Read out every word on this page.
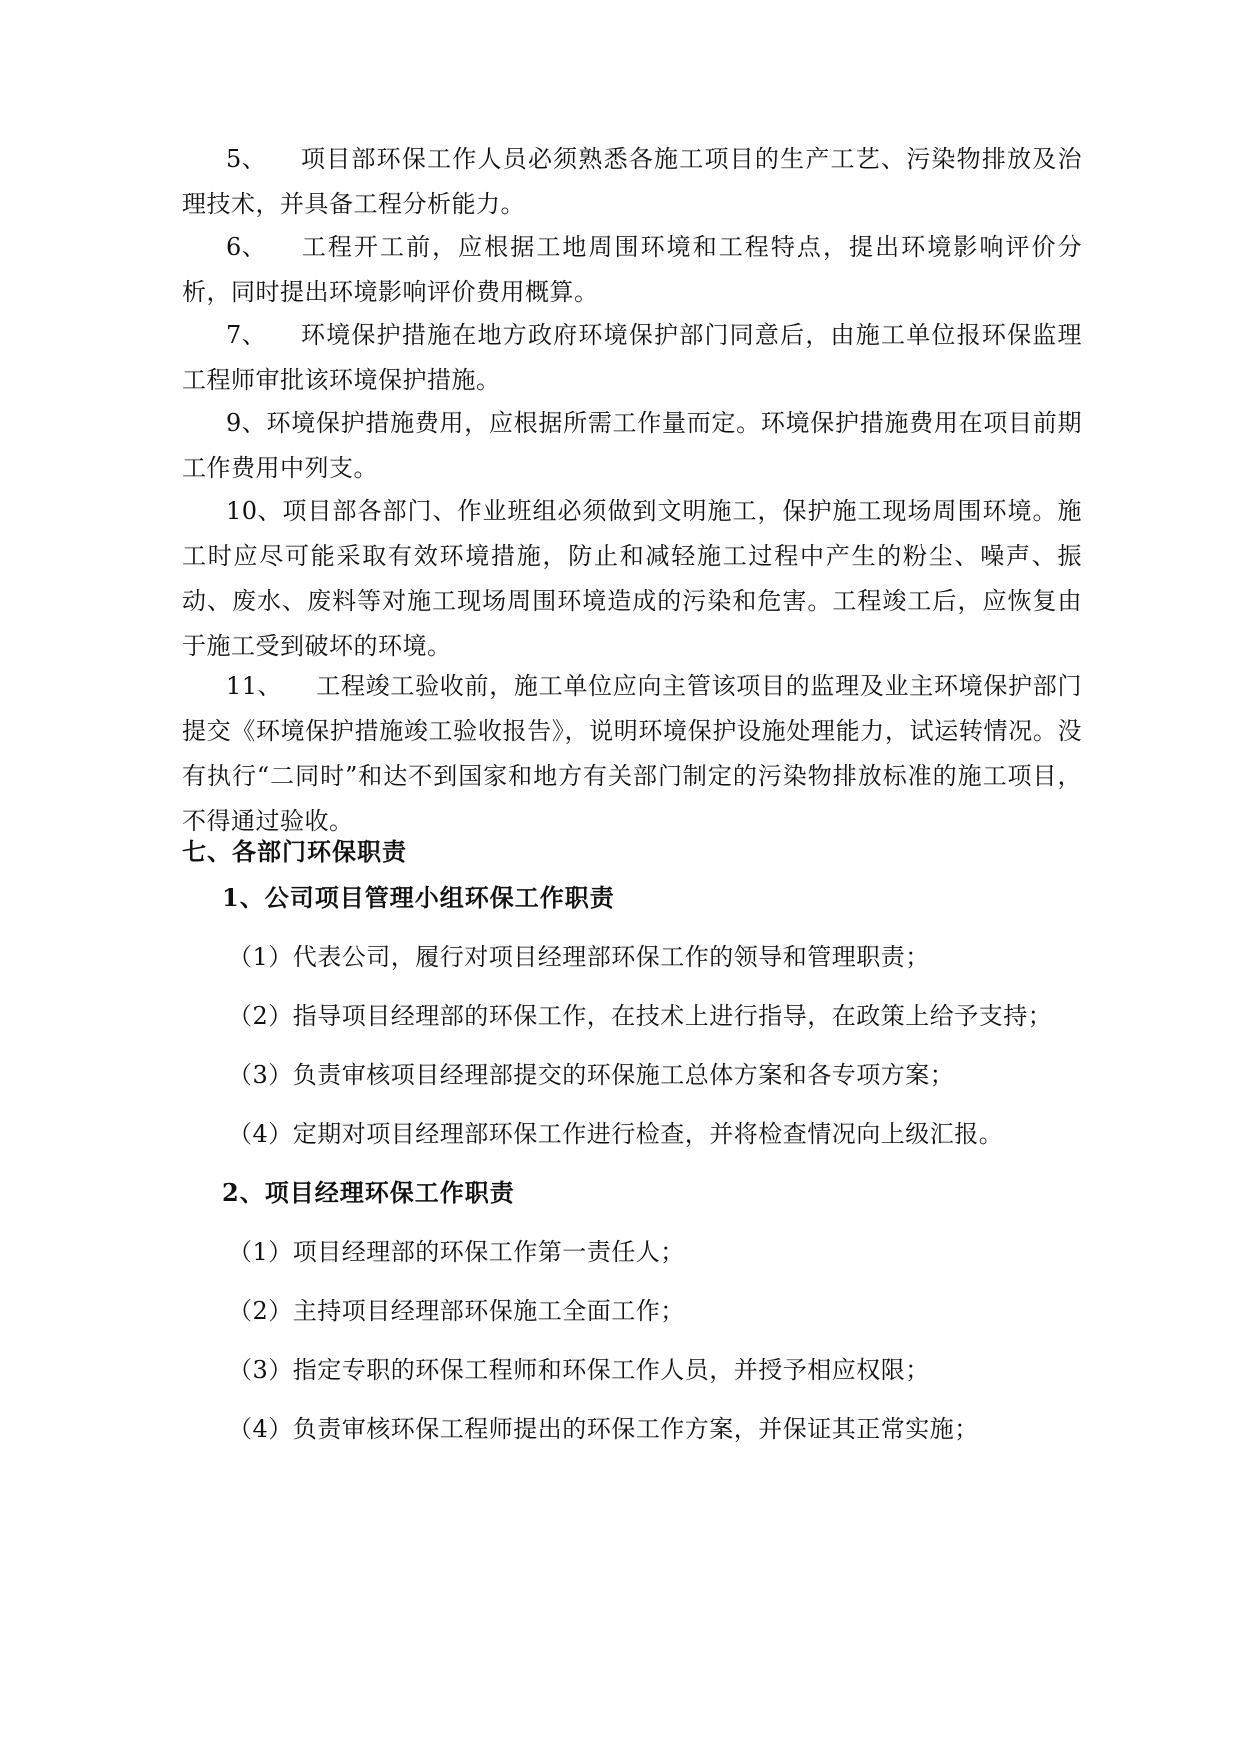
5、 项目部环保工作人员必须熟悉各施工项目的生产工艺、污染物排放及治理技术，并具备工程分析能力。
6、 工程开工前，应根据工地周围环境和工程特点，提出环境影响评价分析，同时提出环境影响评价费用概算。
7、 环境保护措施在地方政府环境保护部门同意后，由施工单位报环保监理工程师审批该环境保护措施。
9、环境保护措施费用，应根据所需工作量而定。环境保护措施费用在项目前期工作费用中列支。
10、项目部各部门、作业班组必须做到文明施工，保护施工现场周围环境。施工时应尽可能采取有效环境措施，防止和减轻施工过程中产生的粉尘、噪声、振动、废水、废料等对施工现场周围环境造成的污染和危害。工程竣工后，应恢复由于施工受到破坏的环境。
11、 工程竣工验收前，施工单位应向主管该项目的监理及业主环境保护部门提交《环境保护措施竣工验收报告》，说明环境保护设施处理能力，试运转情况。没有执行“二同时”和达不到国家和地方有关部门制定的污染物排放标准的施工项目，不得通过验收。
七、各部门环保职责
1、公司项目管理小组环保工作职责
（1）代表公司，履行对项目经理部环保工作的领导和管理职责；
（2）指导项目经理部的环保工作，在技术上进行指导，在政策上给予支持；
（3）负责审核项目经理部提交的环保施工总体方案和各专项方案；
（4）定期对项目经理部环保工作进行检查，并将检查情况向上级汇报。
2、项目经理环保工作职责
（1）项目经理部的环保工作第一责任人；
（2）主持项目经理部环保施工全面工作；
（3）指定专职的环保工程师和环保工作人员，并授予相应权限；
（4）负责审核环保工程师提出的环保工作方案，并保证其正常实施；
